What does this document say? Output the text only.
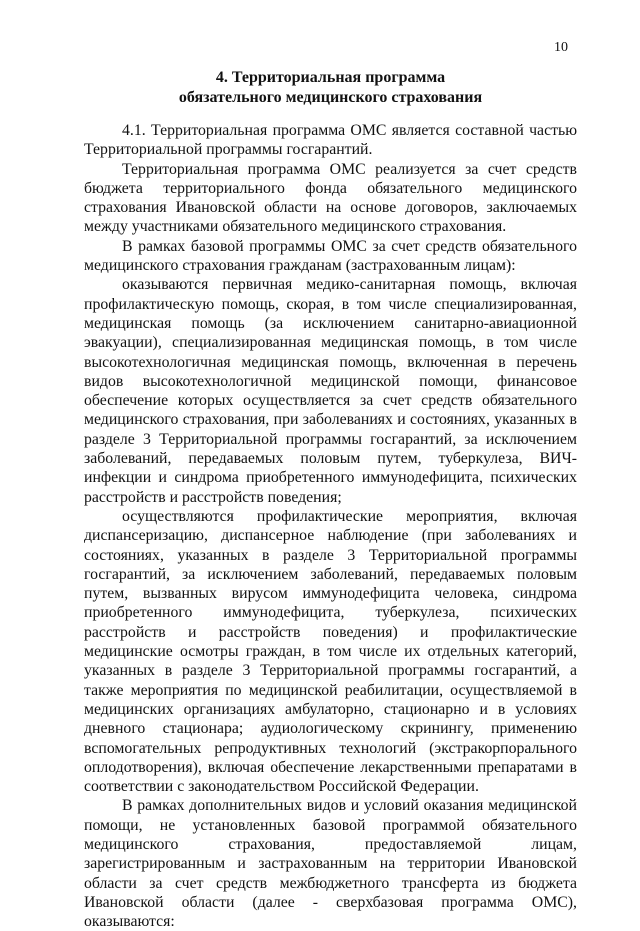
10
4. Территориальная программа
обязательного медицинского страхования

4.1. Территориальная программа ОМС является составной частью Территориальной программы госгарантий.

Территориальная программа ОМС реализуется за счет средств бюджета территориального фонда обязательного медицинского страхования Ивановской области на основе договоров, заключаемых между участниками обязательного медицинского страхования.

В рамках базовой программы ОМС за счет средств обязательного медицинского страхования гражданам (застрахованным лицам):

оказываются первичная медико-санитарная помощь, включая профилактическую помощь, скорая, в том числе специализированная, медицинская помощь (за исключением санитарно-авиационной эвакуации), специализированная медицинская помощь, в том числе высокотехнологичная медицинская помощь, включенная в перечень видов высокотехнологичной медицинской помощи, финансовое обеспечение которых осуществляется за счет средств обязательного медицинского страхования, при заболеваниях и состояниях, указанных в разделе 3 Территориальной программы госгарантий, за исключением заболеваний, передаваемых половым путем, туберкулеза, ВИЧ-инфекции и синдрома приобретенного иммунодефицита, психических расстройств и расстройств поведения;

осуществляются профилактические мероприятия, включая диспансеризацию, диспансерное наблюдение (при заболеваниях и состояниях, указанных в разделе 3 Территориальной программы госгарантий, за исключением заболеваний, передаваемых половым путем, вызванных вирусом иммунодефицита человека, синдрома приобретенного иммунодефицита, туберкулеза, психических расстройств и расстройств поведения) и профилактические медицинские осмотры граждан, в том числе их отдельных категорий, указанных в разделе 3 Территориальной программы госгарантий, а также мероприятия по медицинской реабилитации, осуществляемой в медицинских организациях амбулаторно, стационарно и в условиях дневного стационара; аудиологическому скринингу, применению вспомогательных репродуктивных технологий (экстракорпорального оплодотворения), включая обеспечение лекарственными препаратами в соответствии с законодательством Российской Федерации.

В рамках дополнительных видов и условий оказания медицинской помощи, не установленных базовой программой обязательного медицинского страхования, предоставляемой лицам, зарегистрированным и застрахованным на территории Ивановской области за счет средств межбюджетного трансферта из бюджета Ивановской области (далее - сверхбазовая программа ОМС), оказываются:
